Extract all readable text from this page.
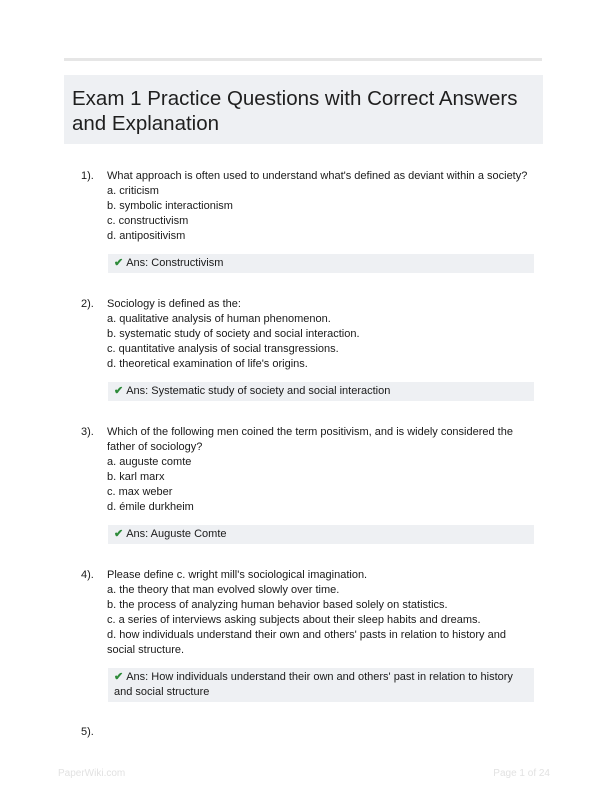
Exam 1 Practice Questions with Correct Answers and Explanation
1). What approach is often used to understand what's defined as deviant within a society?
a. criticism
b. symbolic interactionism
c. constructivism
d. antipositivism
✔ Ans: Constructivism
2). Sociology is defined as the:
a. qualitative analysis of human phenomenon.
b. systematic study of society and social interaction.
c. quantitative analysis of social transgressions.
d. theoretical examination of life's origins.
✔ Ans: Systematic study of society and social interaction
3). Which of the following men coined the term positivism, and is widely considered the father of sociology?
a. auguste comte
b. karl marx
c. max weber
d. émile durkheim
✔ Ans: Auguste Comte
4). Please define c. wright mill's sociological imagination.
a. the theory that man evolved slowly over time.
b. the process of analyzing human behavior based solely on statistics.
c. a series of interviews asking subjects about their sleep habits and dreams.
d. how individuals understand their own and others' pasts in relation to history and social structure.
✔ Ans: How individuals understand their own and others' past in relation to history and social structure
5).
PaperWiki.com	Page 1 of 24
